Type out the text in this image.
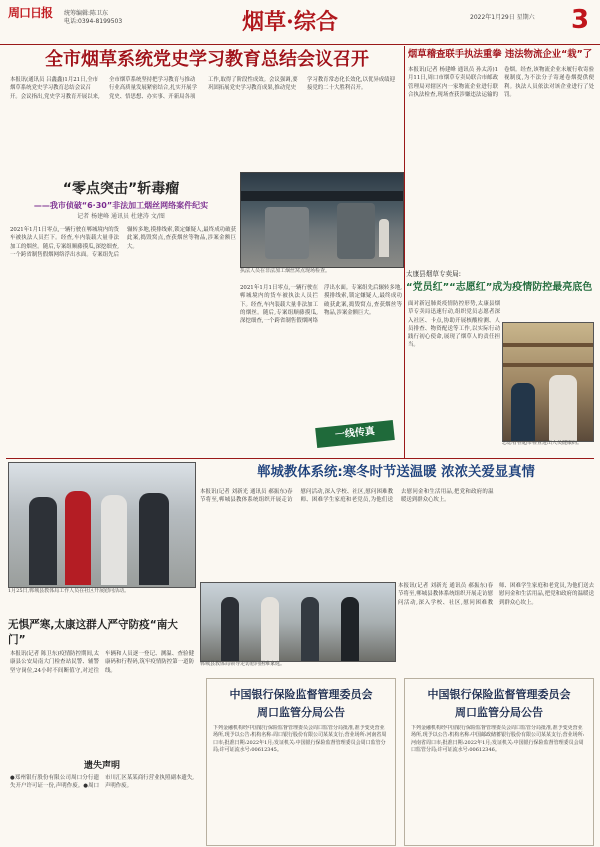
周口日报	统筹编辑:陈卫东
电话:0394-8199503	烟草·综合	2022年1月29日 星期六	3
全市烟草系统党史学习教育总结会议召开
本报讯(通讯员 吕鑫鑫)1月21日,全市烟草系统党史学习教育总结会议召开。会议指出,党史学习教育开展以来,全市烟草系统坚持把学习教育与推动行业高质量发展紧密结合,扎实开展学党史、悟思想、办实事、开新局各项工作,取得了阶段性成效。会议强调,要巩固拓展党史学习教育成果,推动党史学习教育常态化长效化,以优异成绩迎接党的二十大胜利召开。
“零点突击”斩毒瘤
——我市侦破“6·30”非法加工烟丝网络案件纪实
记者 杨建峰 通讯员 杜建涛 文/图
2021年1月1日零点,一辆行驶在郸城境内的货车被执法人员拦下。经查,车内装载大量非法加工的烟丝。随后,专案组顺藤摸瓜,深挖细查,一个跨省制售假烟网络浮出水面。专案组先后辗转多地,摸排线索,锁定嫌疑人,最终成功破获此案,捣毁窝点,查获烟丝等物品,涉案金额巨大。
执法人员在非法加工烟丝窝点现场检查。
2021年1月1日零点,一辆行驶在郸城境内的货车被执法人员拦下。经查,车内装载大量非法加工的烟丝。随后,专案组顺藤摸瓜,深挖细查,一个跨省制售假烟网络浮出水面。专案组先后辗转多地,摸排线索,锁定嫌疑人,最终成功破获此案,捣毁窝点,查获烟丝等物品,涉案金额巨大。
一线传真
烟草稽查联手执法重拳 违法物流企业“栽”了
本报讯(记者 杨建峰 通讯员 孙太涛)1月11日,周口市烟草专卖局联合市邮政管理局对辖区内一家物流企业进行联合执法检查,现场查获涉嫌违法运输的卷烟。经查,该物流企业未履行收寄验视制度,为不法分子寄递卷烟提供便利。执法人员依法对该企业进行了处罚。
太康县烟草专卖局:
“党员红”“志愿红”成为疫情防控最亮底色
面对新冠肺炎疫情防控形势,太康县烟草专卖局迅速行动,组织党员志愿者深入社区、卡点,协助开展核酸检测、人员排查、物资配送等工作,以实际行动践行初心使命,展现了烟草人的责任担当。
志愿者在超市检查进出人员健康码。
1月25日,郸城县教体局工作人员在社区开展慰问活动。
郸城教体系统:寒冬时节送温暖 浓浓关爱显真情
本报讯(记者 刘新光 通讯员 郝振东)春节将至,郸城县教体系统组织开展走访慰问活动,深入学校、社区,慰问困难教师、困难学生家庭和老党员,为他们送去慰问金和生活用品,把党和政府的温暖送到群众心坎上。
郸城县教体局领导走访慰问困难家庭。
本报讯(记者 刘新光 通讯员 郝振东)春节将至,郸城县教体系统组织开展走访慰问活动,深入学校、社区,慰问困难教师、困难学生家庭和老党员,为他们送去慰问金和生活用品,把党和政府的温暖送到群众心坎上。
无惧严寒,太康这群人严守防疫“南大门”
本报讯(记者 陈卫东)疫情防控期间,太康县公安局南大门检查站民警、辅警坚守岗位,24小时不间断值守,对过往车辆和人员逐一登记、测温、查验健康码和行程码,筑牢疫情防控第一道防线。
遗失声明
●郑州银行股份有限公司周口分行遗失开户许可证一份,声明作废。●周口市川汇区某某商行营业执照副本遗失,声明作废。
中国银行保险监督管理委员会
周口监管分局公告
下列金融机构经中国银行保险监督管理委员会周口监管分局批准,准予变更营业场所,现予以公告:机构名称:周口银行股份有限公司某某支行;营业场所:河南省周口市;批准日期:2022年1月;发证机关:中国银行保险监督管理委员会周口监管分局;许可证流水号:00612345。
中国银行保险监督管理委员会
周口监管分局公告
下列金融机构经中国银行保险监督管理委员会周口监管分局批准,准予变更营业场所,现予以公告:机构名称:中国邮政储蓄银行股份有限公司某某支行;营业场所:河南省周口市;批准日期:2022年1月;发证机关:中国银行保险监督管理委员会周口监管分局;许可证流水号:00612346。
